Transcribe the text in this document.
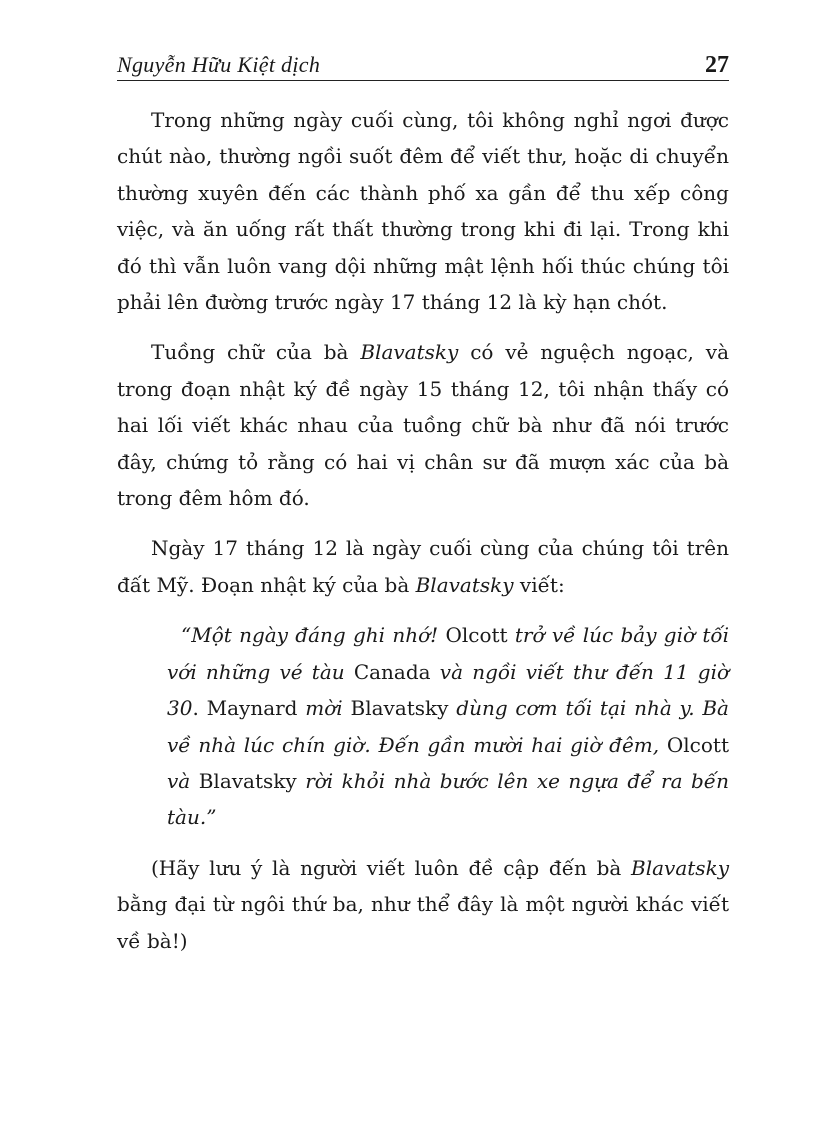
Nguyễn Hữu Kiệt dịch	27

Trong những ngày cuối cùng, tôi không nghỉ ngơi được chút nào, thường ngồi suốt đêm để viết thư, hoặc di chuyển thường xuyên đến các thành phố xa gần để thu xếp công việc, và ăn uống rất thất thường trong khi đi lại. Trong khi đó thì vẫn luôn vang dội những mật lệnh hối thúc chúng tôi phải lên đường trước ngày 17 tháng 12 là kỳ hạn chót.

Tuồng chữ của bà Blavatsky có vẻ nguệch ngoạc, và trong đoạn nhật ký đề ngày 15 tháng 12, tôi nhận thấy có hai lối viết khác nhau của tuồng chữ bà như đã nói trước đây, chứng tỏ rằng có hai vị chân sư đã mượn xác của bà trong đêm hôm đó.

Ngày 17 tháng 12 là ngày cuối cùng của chúng tôi trên đất Mỹ. Đoạn nhật ký của bà Blavatsky viết:

“Một ngày đáng ghi nhớ! Olcott trở về lúc bảy giờ tối với những vé tàu Canada và ngồi viết thư đến 11 giờ 30. Maynard mời Blavatsky dùng cơm tối tại nhà y. Bà về nhà lúc chín giờ. Đến gần mười hai giờ đêm, Olcott và Blavatsky rời khỏi nhà bước lên xe ngựa để ra bến tàu.”

(Hãy lưu ý là người viết luôn đề cập đến bà Blavatsky bằng đại từ ngôi thứ ba, như thể đây là một người khác viết về bà!)
